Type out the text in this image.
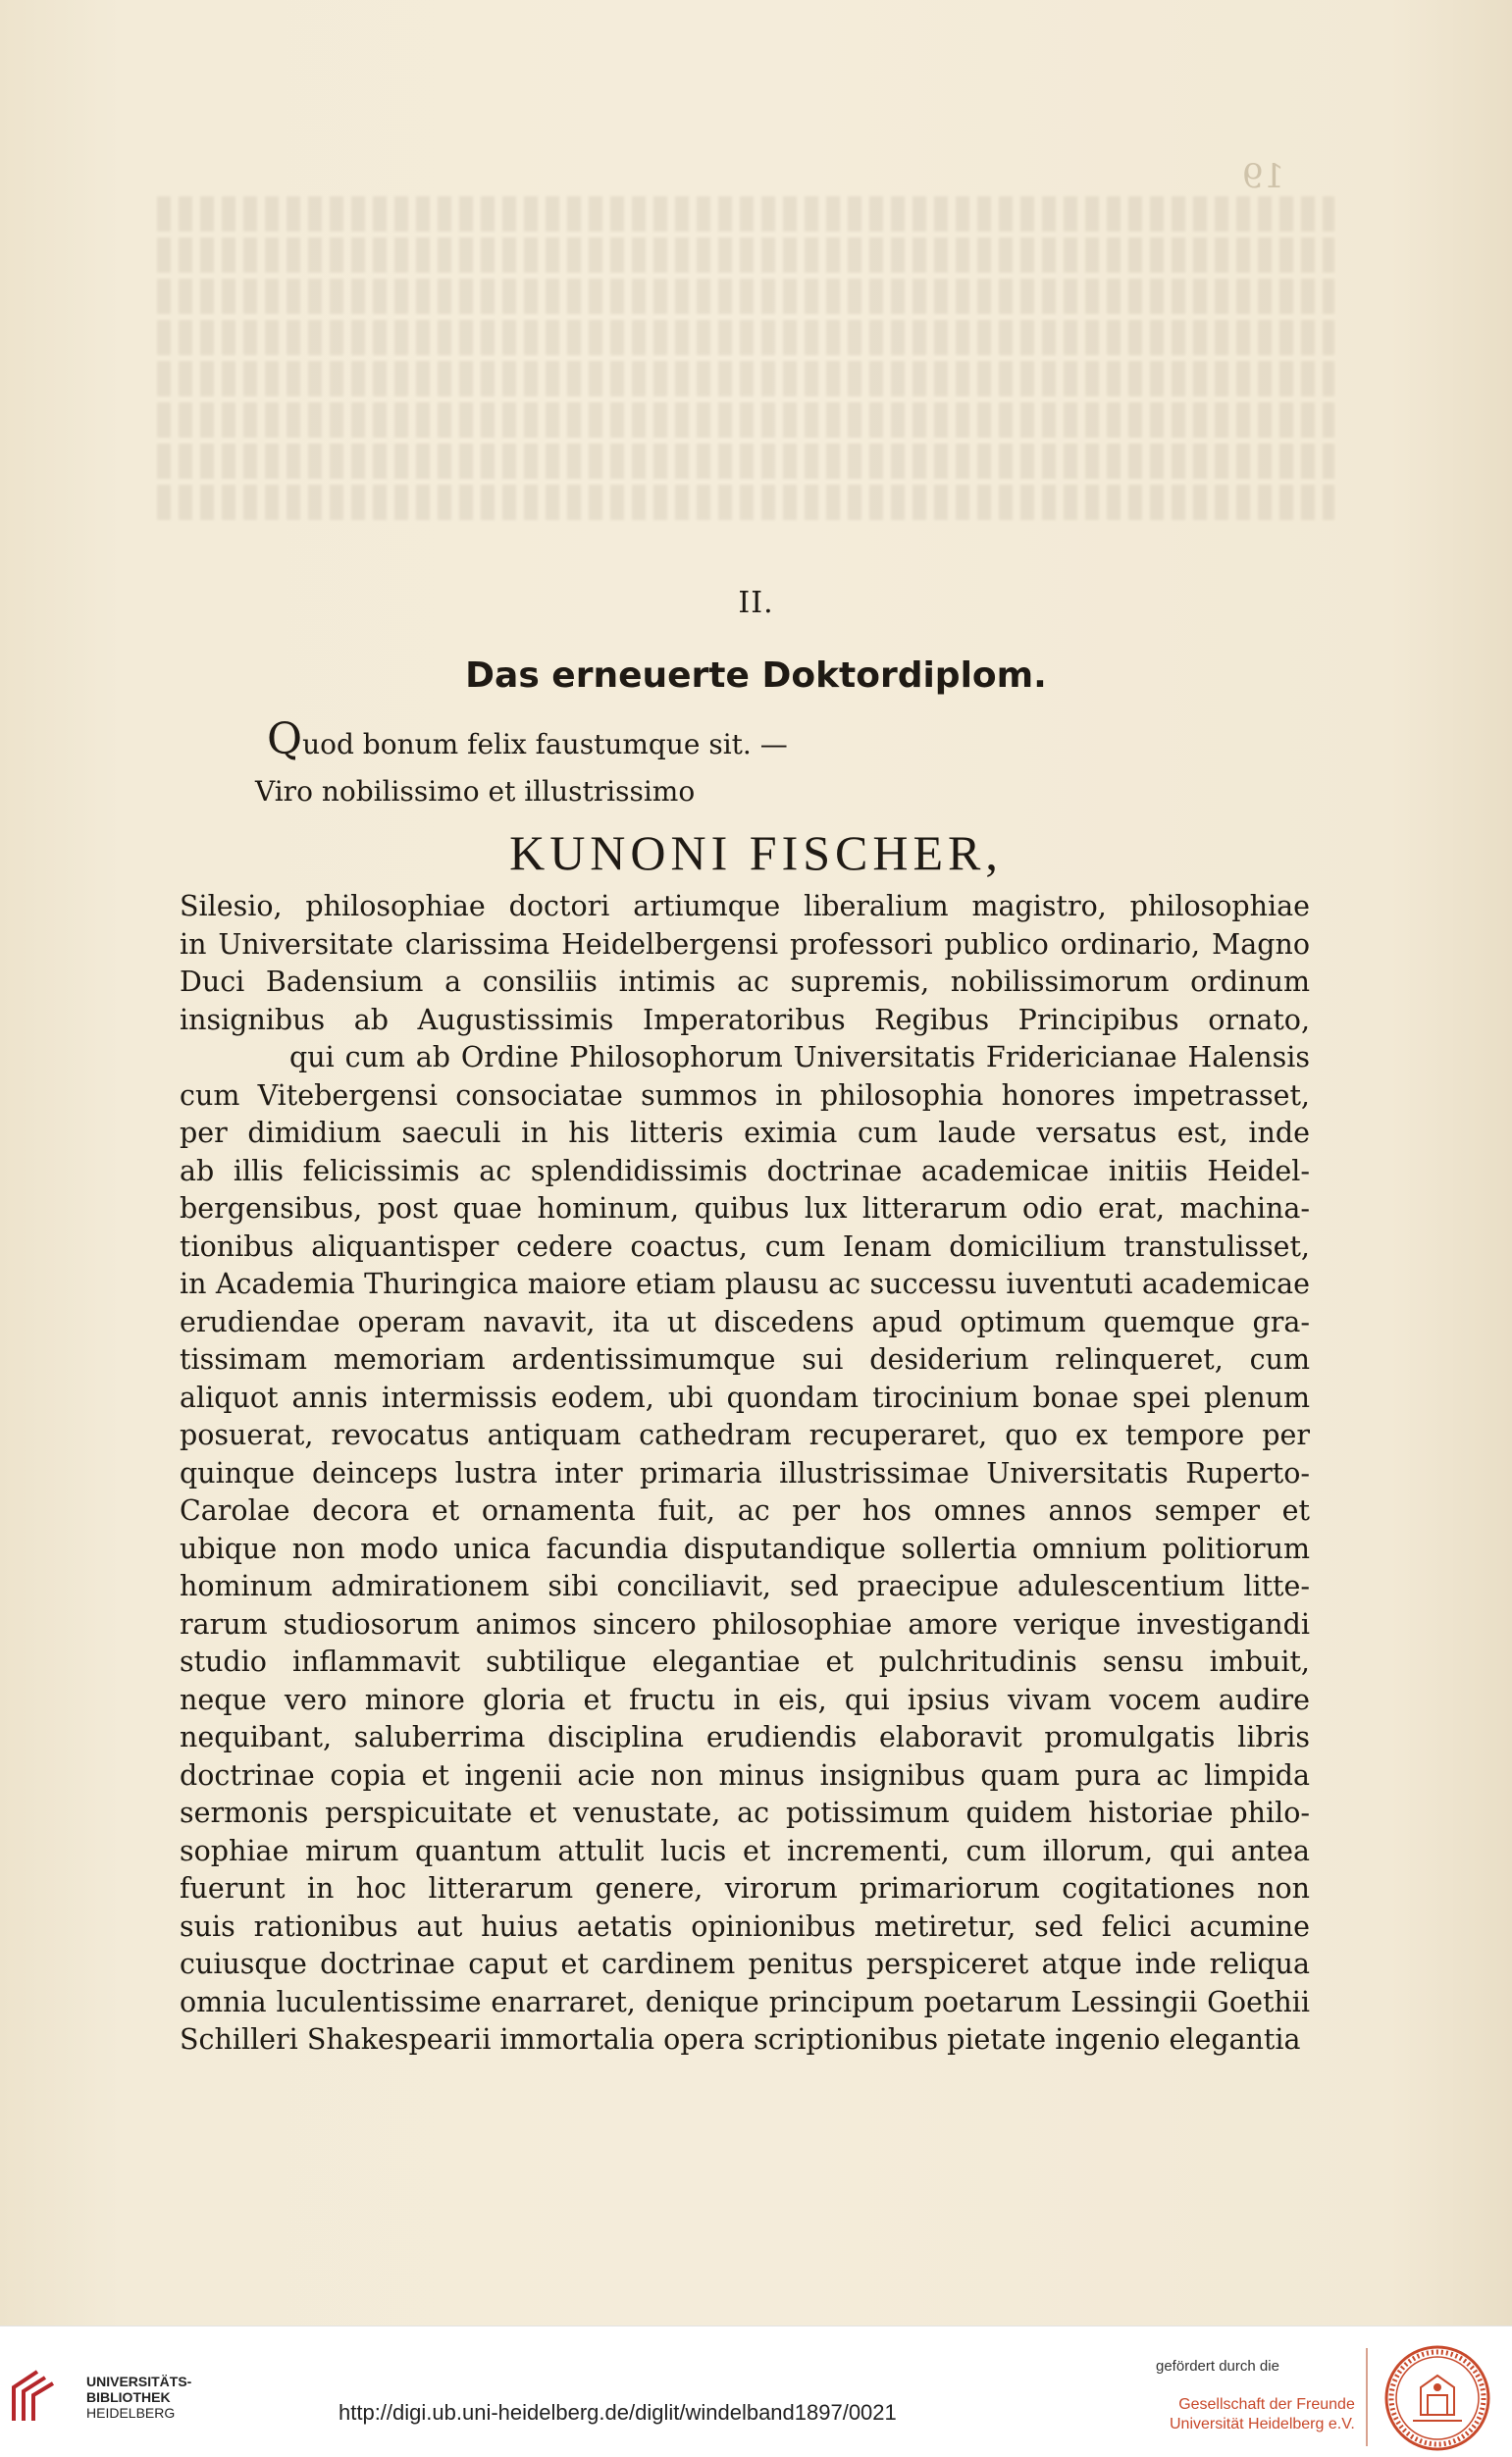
19
II.
Das erneuerte Doktordiplom.
Quod bonum felix faustumque sit. —
Viro nobilissimo et illustrissimo
KUNONI FISCHER,
Silesio, philosophiae doctori artiumque liberalium magistro, philosophiae
in Universitate clarissima Heidelbergensi professori publico ordinario, Magno
Duci Badensium a consiliis intimis ac supremis, nobilissimorum ordinum
insignibus ab Augustissimis Imperatoribus Regibus Principibus ornato,
qui cum ab Ordine Philosophorum Universitatis Fridericianae Halensis
cum Vitebergensi consociatae summos in philosophia honores impetrasset,
per dimidium saeculi in his litteris eximia cum laude versatus est, inde
ab illis felicissimis ac splendidissimis doctrinae academicae initiis Heidel-
bergensibus, post quae hominum, quibus lux litterarum odio erat, machina-
tionibus aliquantisper cedere coactus, cum Ienam domicilium transtulisset,
in Academia Thuringica maiore etiam plausu ac successu iuventuti academicae
erudiendae operam navavit, ita ut discedens apud optimum quemque gra-
tissimam memoriam ardentissimumque sui desiderium relinqueret, cum
aliquot annis intermissis eodem, ubi quondam tirocinium bonae spei plenum
posuerat, revocatus antiquam cathedram recuperaret, quo ex tempore per
quinque deinceps lustra inter primaria illustrissimae Universitatis Ruperto-
Carolae decora et ornamenta fuit, ac per hos omnes annos semper et
ubique non modo unica facundia disputandique sollertia omnium politiorum
hominum admirationem sibi conciliavit, sed praecipue adulescentium litte-
rarum studiosorum animos sincero philosophiae amore verique investigandi
studio inflammavit subtilique elegantiae et pulchritudinis sensu imbuit,
neque vero minore gloria et fructu in eis, qui ipsius vivam vocem audire
nequibant, saluberrima disciplina erudiendis elaboravit promulgatis libris
doctrinae copia et ingenii acie non minus insignibus quam pura ac limpida
sermonis perspicuitate et venustate, ac potissimum quidem historiae philo-
sophiae mirum quantum attulit lucis et incrementi, cum illorum, qui antea
fuerunt in hoc litterarum genere, virorum primariorum cogitationes non
suis rationibus aut huius aetatis opinionibus metiretur, sed felici acumine
cuiusque doctrinae caput et cardinem penitus perspiceret atque inde reliqua
omnia luculentissime enarraret, denique principum poetarum Lessingii Goethii
Schilleri Shakespearii immortalia opera scriptionibus pietate ingenio elegantia
UNIVERSITÄTS-
BIBLIOTHEK
HEIDELBERG	http://digi.ub.uni-heidelberg.de/diglit/windelband1897/0021
gefördert durch die
Gesellschaft der Freunde
Universität Heidelberg e.V.
